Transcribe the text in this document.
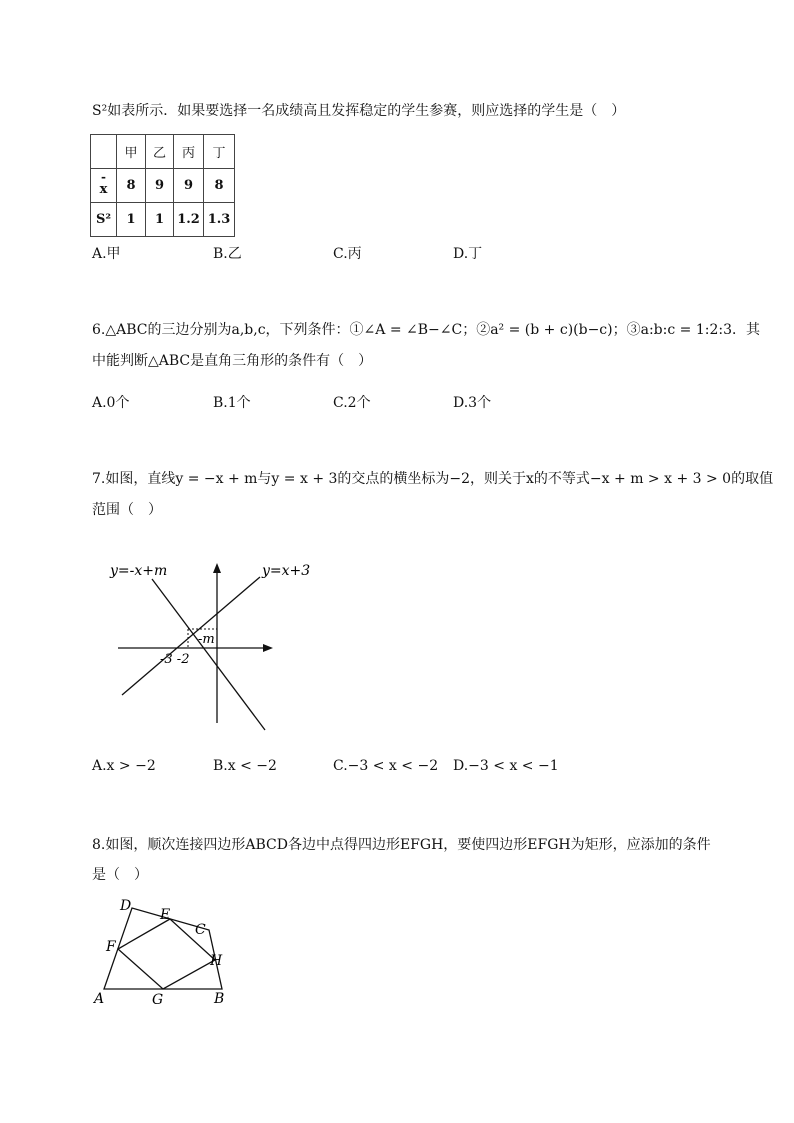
S²如表所示．如果要选择一名成绩高且发挥稳定的学生参赛，则应选择的学生是（　）
	甲	乙	丙	丁

-
x	8	9	9	8
S²	1	1	1.2	1.3
A.甲	B.乙	C.丙	D.丁
6.△ABC的三边分别为a,b,c，下列条件：①∠A = ∠B−∠C；②a² = (b + c)(b−c)；③a:b:c = 1:2:3．其
中能判断△ABC是直角三角形的条件有（　）
A.0个	B.1个	C.2个	D.3个
7.如图，直线y = −x + m与y = x + 3的交点的横坐标为−2，则关于x的不等式−x + m > x + 3 > 0的取值
范围（　）
y=-x+m	y=x+3
-m
-3 -2
A.x > −2	B.x < −2	C.−3 < x < −2 D.−3 < x < −1
8.如图，顺次连接四边形ABCD各边中点得四边形EFGH，要使四边形EFGH为矩形，应添加的条件
是（　）
A	B
C
D
E
F
G
H
